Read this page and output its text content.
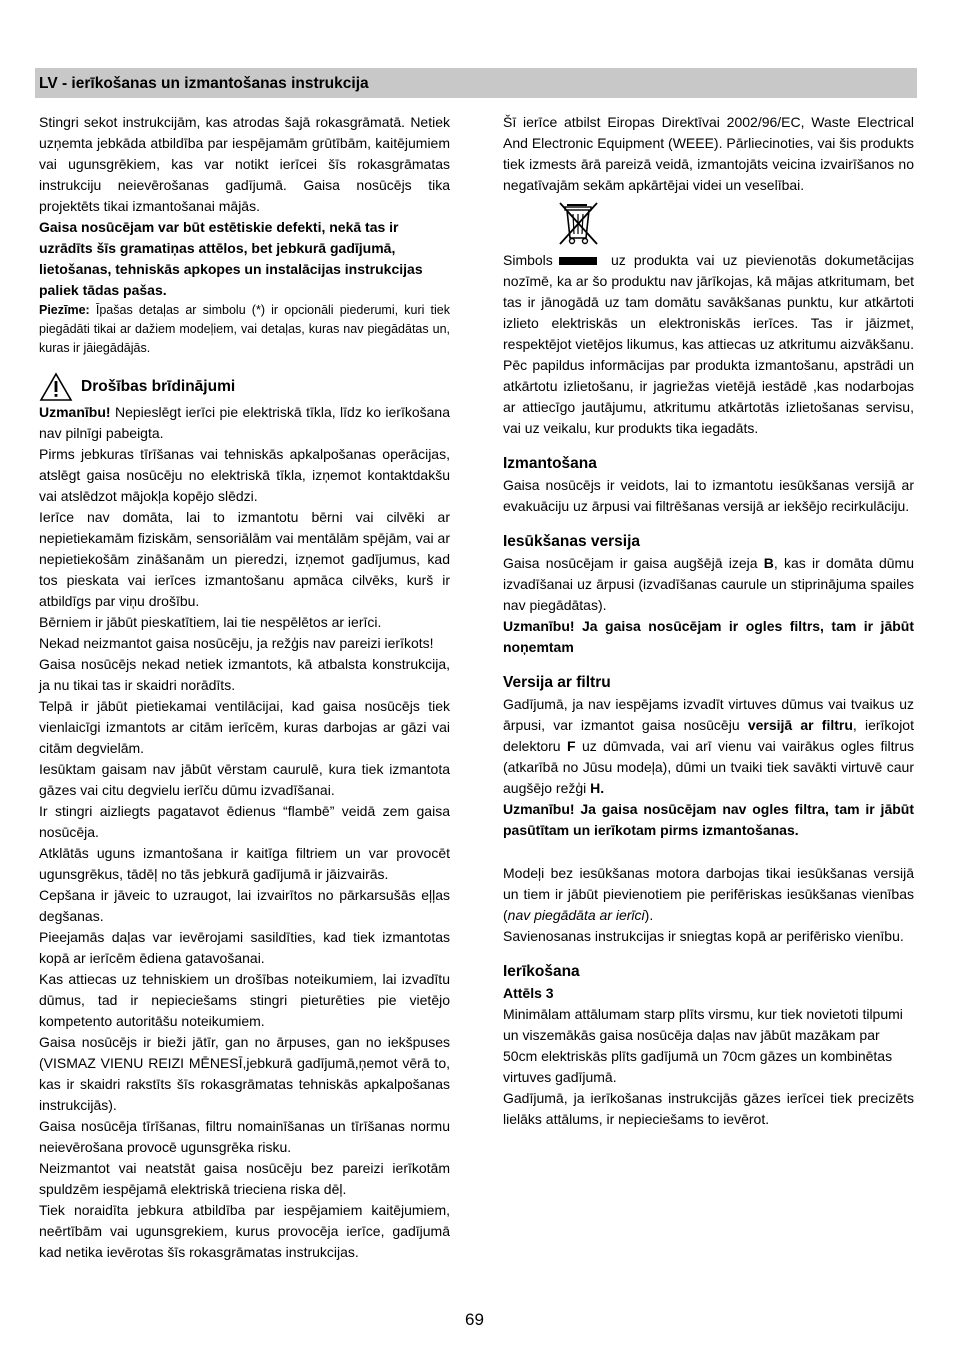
LV - ierīkošanas un izmantošanas instrukcija

Stingri sekot instrukcijām, kas atrodas šajā rokasgrāmatā. Netiek uzņemta jebkāda atbildība par iespējamām grūtībām, kaitējumiem vai ugunsgrēkiem, kas var notikt ierīcei šīs rokasgrāmatas instrukciju neievērošanas gadījumā. Gaisa nosūcējs tika projektēts tikai izmantošanai mājās.

Gaisa nosūcējam var būt estētiskie defekti, nekā tas ir uzrādīts šīs gramatiņas attēlos, bet jebkurā gadījumā, lietošanas, tehniskās apkopes un instalācijas instrukcijas paliek tādas pašas.

Piezīme: Īpašas detaļas ar simbolu (*) ir opcionāli piederumi, kuri tiek piegādāti tikai ar dažiem modeļiem, vai detaļas, kuras nav piegādātas un, kuras ir jāiegādājās.

Drošības brīdinājumi

Uzmanību! Nepieslēgt ierīci pie elektriskā tīkla, līdz ko ierīkošana nav pilnīgi pabeigta.

Pirms jebkuras tīrīšanas vai tehniskās apkalpošanas operācijas, atslēgt gaisa nosūcēju no elektriskā tīkla, izņemot kontaktdakšu vai atslēdzot mājokļa kopējo slēdzi.

Ierīce nav domāta, lai to izmantotu bērni vai cilvēki ar nepietiekamām fiziskām, sensoriālām vai mentālām spējām, vai ar nepietiekošām zināšanām un pieredzi, izņemot gadījumus, kad tos pieskata vai ierīces izmantošanu apmāca cilvēks, kurš ir atbildīgs par viņu drošību.

Bērniem ir jābūt pieskatītiem, lai tie nespēlētos ar ierīci.

Nekad neizmantot gaisa nosūcēju, ja režģis nav pareizi ierīkots!

Gaisa nosūcējs nekad netiek izmantots, kā atbalsta konstrukcija, ja nu tikai tas ir skaidri norādīts.

Telpā ir jābūt pietiekamai ventilācijai, kad gaisa nosūcējs tiek vienlaicīgi izmantots ar citām ierīcēm, kuras darbojas ar gāzi vai citām degvielām.

Iesūktam gaisam nav jābūt vērstam caurulē, kura tiek izmantota gāzes vai citu degvielu ierīču dūmu izvadīšanai.

Ir stingri aizliegts pagatavot ēdienus “flambē” veidā zem gaisa nosūcēja.

Atklātās uguns izmantošana ir kaitīga filtriem un var provocēt ugunsgrēkus, tādēļ no tās jebkurā gadījumā ir jāizvairās.

Cepšana ir jāveic to uzraugot, lai izvairītos no pārkarsušās eļļas degšanas.

Pieejamās daļas var ievērojami sasildīties, kad tiek izmantotas kopā ar ierīcēm ēdiena gatavošanai.

Kas attiecas uz tehniskiem un drošības noteikumiem, lai izvadītu dūmus, tad ir nepieciešams stingri pieturēties pie vietējo kompetento autoritāšu noteikumiem.

Gaisa nosūcējs ir bieži jātīr, gan no ārpuses, gan no iekšpuses (VISMAZ VIENU REIZI MĒNESĪ,jebkurā gadījumā,ņemot vērā to, kas ir skaidri rakstīts šīs rokasgrāmatas tehniskās apkalpošanas instrukcijās).

Gaisa nosūcēja tīrīšanas, filtru nomainīšanas un tīrīšanas normu neievērošana provocē ugunsgrēka risku.

Neizmantot vai neatstāt gaisa nosūcēju bez pareizi ierīkotām spuldzēm iespējamā elektriskā trieciena riska dēļ.

Tiek noraidīta jebkura atbildība par iespējamiem kaitējumiem, neērtībām vai ugunsgrekiem, kurus provocēja ierīce, gadījumā kad netika ievērotas šīs rokasgrāmatas instrukcijas.

Šī ierīce atbilst Eiropas Direktīvai 2002/96/EC, Waste Electrical And Electronic Equipment (WEEE). Pārliecinoties, vai šis produkts tiek izmests ārā pareizā veidā, izmantojāts veicina izvairīšanos no negatīvajām sekām apkārtējai videi un veselībai.

Simbols	uz produkta vai uz pievienotās dokumetācijas nozīmē, ka ar šo produktu nav jārīkojas, kā mājas atkritumam, bet tas ir jānogādā uz tam domātu savākšanas punktu, kur atkārtoti izlieto elektriskās un elektroniskās ierīces. Tas ir jāizmet, respektējot vietējos likumus, kas attiecas uz atkritumu aizvākšanu. Pēc papildus informācijas par produkta izmantošanu, apstrādi un atkārtotu izlietošanu, ir jagriežas vietējā iestādē ,kas nodarbojas ar attiecīgo jautājumu, atkritumu atkārtotās izlietošanas servisu, vai uz veikalu, kur produkts tika iegadāts.

Izmantošana

Gaisa nosūcējs ir veidots, lai to izmantotu iesūkšanas versijā ar evakuāciju uz ārpusi vai filtrēšanas versijā ar iekšējo recirkulāciju.

Iesūkšanas versija

Gaisa nosūcējam ir gaisa augšējā izeja B, kas ir domāta dūmu izvadīšanai uz ārpusi (izvadīšanas caurule un stiprinājuma spailes nav piegādātas).

Uzmanību! Ja gaisa nosūcējam ir ogles filtrs, tam ir jābūt noņemtam

Versija ar filtru

Gadījumā, ja nav iespējams izvadīt virtuves dūmus vai tvaikus uz ārpusi, var izmantot gaisa nosūcēju versijā ar filtru, ierīkojot delektoru F uz dūmvada, vai arī vienu vai vairākus ogles filtrus (atkarībā no Jūsu modeļa), dūmi un tvaiki tiek savākti virtuvē caur augšējo režģi H.

Uzmanību! Ja gaisa nosūcējam nav ogles filtra, tam ir jābūt pasūtītam un ierīkotam pirms izmantošanas.

Modeļi bez iesūkšanas motora darbojas tikai iesūkšanas versijā un tiem ir jābūt pievienotiem pie perifēriskas iesūkšanas vienības (nav piegādāta ar ierīci).

Savienosanas instrukcijas ir sniegtas kopā ar perifērisko vienību.

Ierīkošana

Attēls 3

Minimālam attālumam starp plīts virsmu, kur tiek novietoti tilpumi un viszemākās gaisa nosūcēja daļas nav jābūt mazākam par 50cm elektriskās plīts gadījumā un 70cm gāzes un kombinētas virtuves gadījumā.

Gadījumā, ja ierīkošanas instrukcijās gāzes ierīcei tiek precizēts lielāks attālums, ir nepieciešams to ievērot.

69
